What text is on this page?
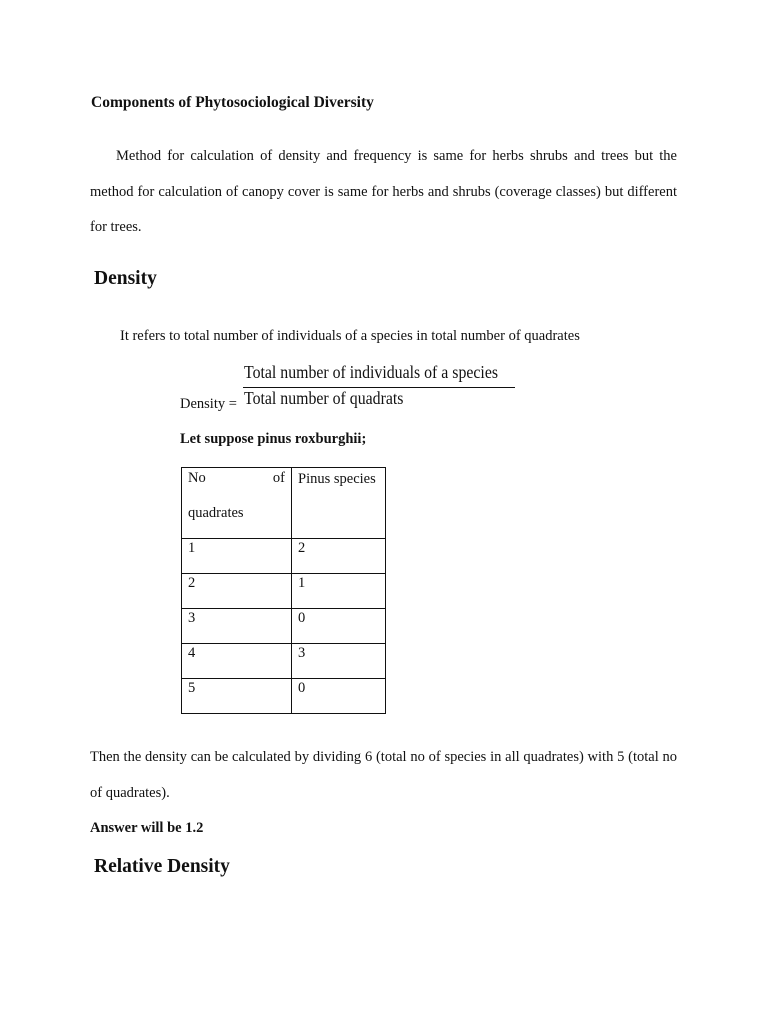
Components of Phytosociological Diversity
Method for calculation of density and frequency is same for herbs shrubs and trees but the method for calculation of canopy cover is same for herbs and shrubs (coverage classes) but different for trees.
Density
It refers to total number of individuals of a species in total number of quadrates
Total number of individuals of a species
Density = Total number of quadrats
Let suppose pinus roxburghii;
No of
quadrates	Pinus species

1	2
2	1
3	0
4	3
5	0
Then the density can be calculated by dividing 6 (total no of species in all quadrates) with 5 (total no of quadrates).
Answer will be 1.2
Relative Density
